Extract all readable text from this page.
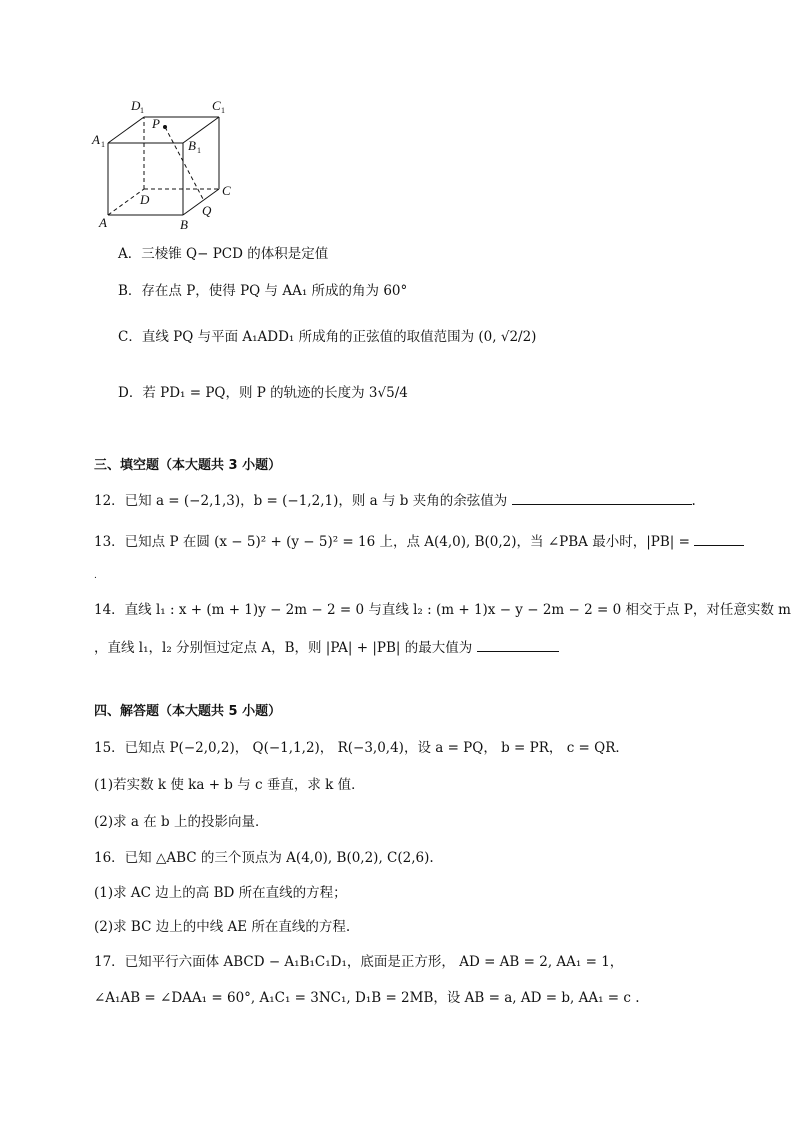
A	B
C
D
Q
P
A 1	B 1
C 1
D 1
A．三棱锥 Q− PCD 的体积是定值
B．存在点 P，使得 PQ 与 AA₁ 所成的角为 60°
C．直线 PQ 与平面 A₁ADD₁ 所成角的正弦值的取值范围为 (0, √2/2)
D．若 PD₁ = PQ，则 P 的轨迹的长度为 3√5/4
三、填空题（本大题共 3 小题）
12．已知 a = (−2,1,3)，b = (−1,2,1)，则 a 与 b 夹角的余弦值为	.
13．已知点 P 在圆 (x − 5)² + (y − 5)² = 16 上，点 A(4,0), B(0,2)，当 ∠PBA 最小时，|PB| =
.
14．直线 l₁ : x + (m + 1)y − 2m − 2 = 0 与直线 l₂ : (m + 1)x − y − 2m − 2 = 0 相交于点 P，对任意实数 m
，直线 l₁，l₂ 分别恒过定点 A，B，则 |PA| + |PB| 的最大值为
四、解答题（本大题共 5 小题）
15．已知点 P(−2,0,2)， Q(−1,1,2)， R(−3,0,4)，设 a = PQ， b = PR， c = QR．
(1)若实数 k 使 ka + b 与 c 垂直，求 k 值．
(2)求 a 在 b 上的投影向量．
16．已知 △ABC 的三个顶点为 A(4,0), B(0,2), C(2,6).
(1)求 AC 边上的高 BD 所在直线的方程；
(2)求 BC 边上的中线 AE 所在直线的方程.
17．已知平行六面体 ABCD − A₁B₁C₁D₁，底面是正方形， AD = AB = 2, AA₁ = 1，
∠A₁AB = ∠DAA₁ = 60°, A₁C₁ = 3NC₁, D₁B = 2MB，设 AB = a, AD = b, AA₁ = c .
